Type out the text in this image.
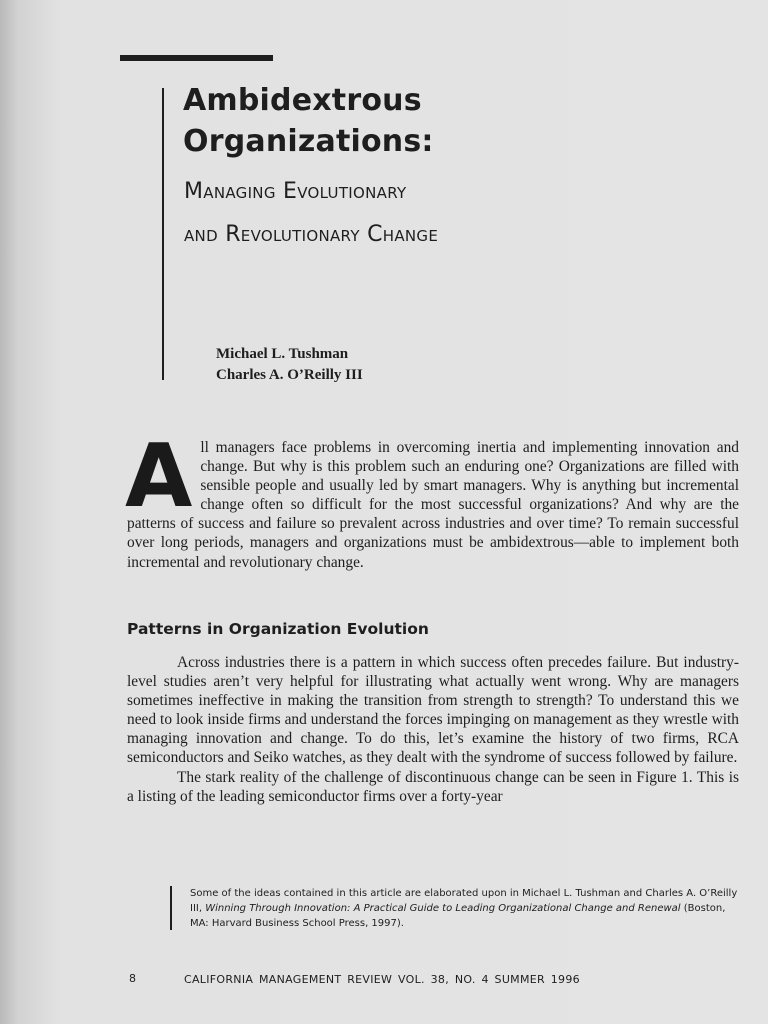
Ambidextrous
Organizations:
Managing Evolutionary
and Revolutionary Change
Michael L. Tushman
Charles A. O’Reilly III

All managers face problems in overcoming inertia and implementing innovation and change. But why is this problem such an enduring one? Organizations are filled with sensible people and usually led by smart managers. Why is anything but incremental change often so difficult for the most successful organizations? And why are the patterns of success and failure so prevalent across industries and over time? To remain successful over long periods, managers and organizations must be ambidextrous—able to implement both incremental and revolutionary change.

Patterns in Organization Evolution

Across industries there is a pattern in which success often precedes failure. But industry-level studies aren’t very helpful for illustrating what actually went wrong. Why are managers sometimes ineffective in making the transition from strength to strength? To understand this we need to look inside firms and understand the forces impinging on management as they wrestle with managing innovation and change. To do this, let’s examine the history of two firms, RCA semiconductors and Seiko watches, as they dealt with the syndrome of success followed by failure.

The stark reality of the challenge of discontinuous change can be seen in Figure 1. This is a listing of the leading semiconductor firms over a forty-year

Some of the ideas contained in this article are elaborated upon in Michael L. Tushman and Charles A. O’Reilly III, Winning Through Innovation: A Practical Guide to Leading Organizational Change and Renewal (Boston, MA: Harvard Business School Press, 1997).

8	CALIFORNIA MANAGEMENT REVIEW VOL. 38, NO. 4 SUMMER 1996
